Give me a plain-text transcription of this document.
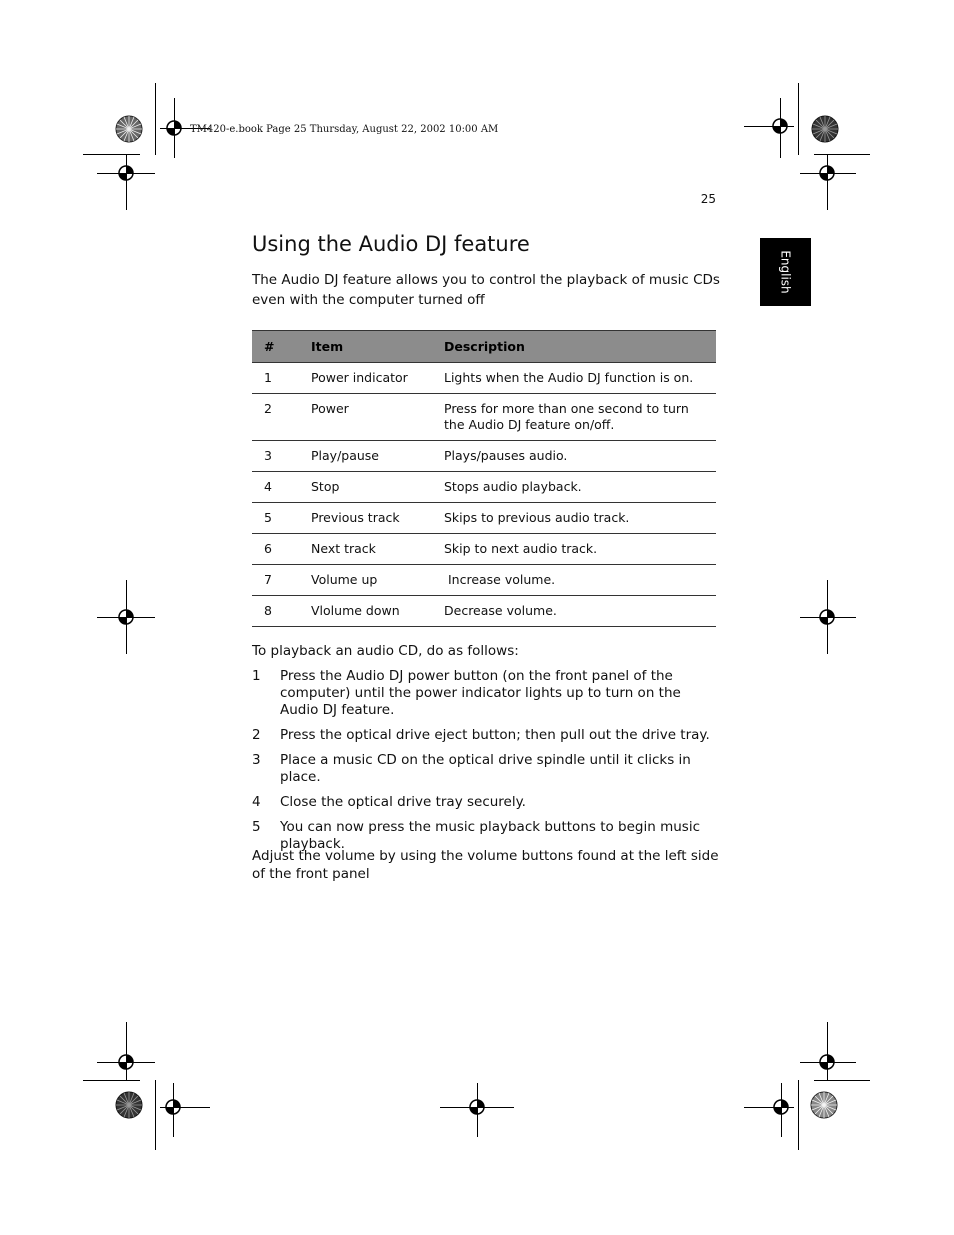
TM420-e.book Page 25 Thursday, August 22, 2002 10:00 AM
25
English
Using the Audio DJ feature

The Audio DJ feature allows you to control the playback of music CDs even with the computer turned off

#	Item	Description
1	Power indicator	Lights when the Audio DJ function is on.
2	Power	Press for more than one second to turn the Audio DJ feature on/off.
3	Play/pause	Plays/pauses audio.
4	Stop	Stops audio playback.
5	Previous track	Skips to previous audio track.
6	Next track	Skip to next audio track.
7	Volume up	Increase volume.
8	Vlolume down	Decrease volume.
To playback an audio CD, do as follows:
1	Press the Audio DJ power button (on the front panel of the computer) until the power indicator lights up to turn on the Audio DJ feature.
2	Press the optical drive eject button; then pull out the drive tray.
3	Place a music CD on the optical drive spindle until it clicks in place.
4	Close the optical drive tray securely.
5	You can now press the music playback buttons to begin music playback.

Adjust the volume by using the volume buttons found at the left side of the front panel
